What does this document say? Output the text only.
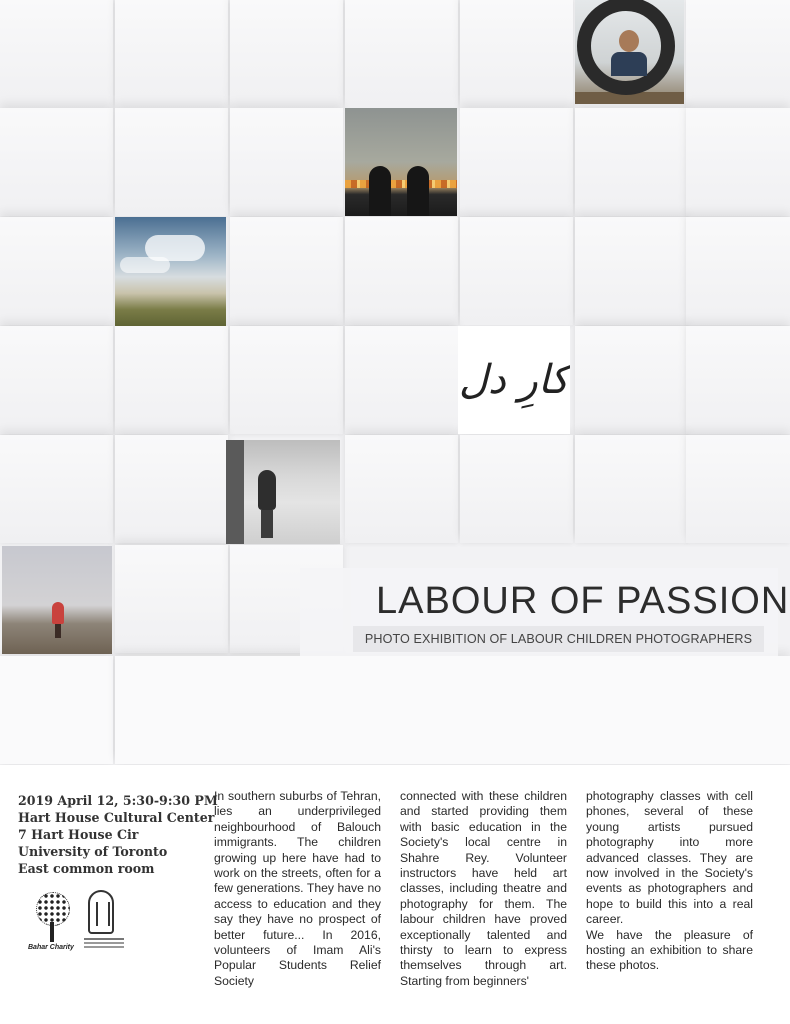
کارِ دل
LABOUR OF PASSION
PHOTO EXHIBITION OF LABOUR CHILDREN PHOTOGRAPHERS
2019 April 12, 5:30-9:30 PM
Hart House Cultural Center
7 Hart House Cir
University of Toronto
East common room
Bahar Charity

In southern suburbs of Tehran, lies an underprivileged neighbourhood of Balouch immigrants. The children growing up here have had to work on the streets, often for a few generations. They have no access to education and they say they have no prospect of better future... In 2016, volunteers of Imam Ali's Popular Students Relief Society

connected with these children and started providing them with basic education in the Society's local centre in Shahre Rey. Volunteer instructors have held art classes, including theatre and photography for them. The labour children have proved exceptionally talented and thirsty to learn to express themselves through art. Starting from beginners'

photography classes with cell phones, several of these young artists pursued photography into more advanced classes. They are now involved in the Society's events as photographers and hope to build this into a real career.

We have the pleasure of hosting an exhibition to share these photos.
